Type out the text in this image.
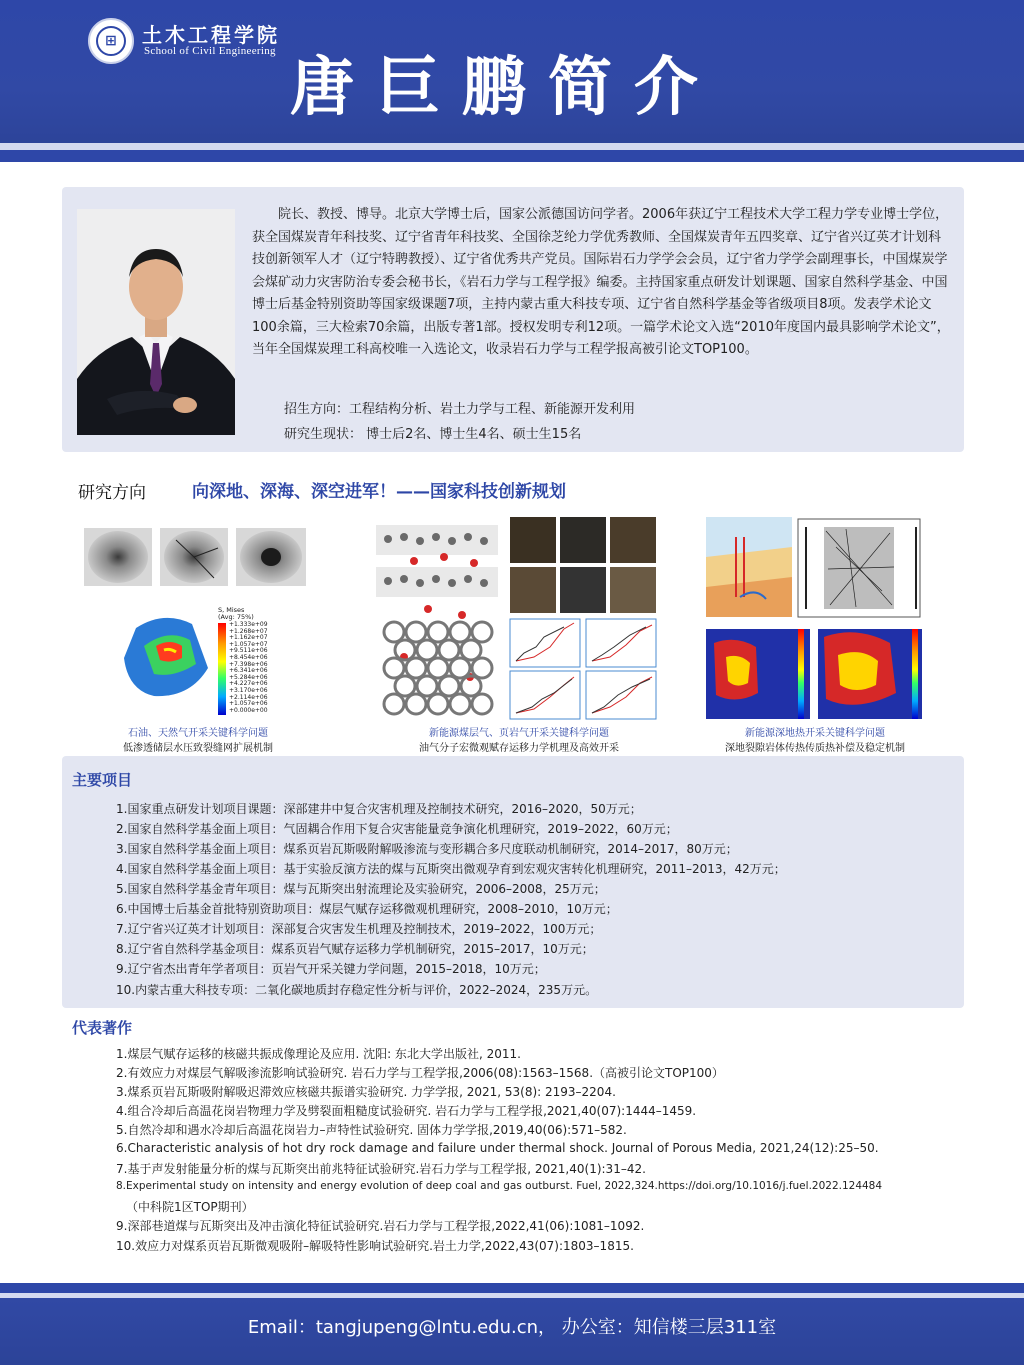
⊞	土木工程学院
School of Civil Engineering 唐巨鹏简介
院长、教授、博导。北京大学博士后，国家公派德国访问学者。2006年获辽宁工程技术大学工程力学专业博士学位，获全国煤炭青年科技奖、辽宁省青年科技奖、全国徐芝纶力学优秀教师、全国煤炭青年五四奖章、辽宁省兴辽英才计划科技创新领军人才（辽宁特聘教授）、辽宁省优秀共产党员。国际岩石力学学会会员，辽宁省力学学会副理事长，中国煤炭学会煤矿动力灾害防治专委会秘书长，《岩石力学与工程学报》编委。主持国家重点研发计划课题、国家自然科学基金、中国博士后基金特别资助等国家级课题7项，主持内蒙古重大科技专项、辽宁省自然科学基金等省级项目8项。发表学术论文100余篇，三大检索70余篇，出版专著1部。授权发明专利12项。一篇学术论文入选“2010年度国内最具影响学术论文”，当年全国煤炭理工科高校唯一入选论文，收录岩石力学与工程学报高被引论文TOP100。
招生方向：工程结构分析、岩土力学与工程、新能源开发利用
研究生现状： 博士后2名、博士生4名、硕士生15名
研究方向	向深地、深海、深空进军！——国家科技创新规划
S, Mises
(Avg: 75%)
+1.333e+09
+1.268e+07
+1.162e+07
+1.057e+07
+9.511e+06
+8.454e+06
+7.398e+06
+6.341e+06
+5.284e+06
+4.227e+06
+3.170e+06
+2.114e+06
+1.057e+06
+0.000e+00
石油、天然气开采关键科学问题
低渗透储层水压致裂缝网扩展机制
新能源煤层气、页岩气开采关键科学问题
油气分子宏微观赋存运移力学机理及高效开采
新能源深地热开采关键科学问题
深地裂隙岩体传热传质热补偿及稳定机制
主要项目
1.国家重点研发计划项目课题：深部建井中复合灾害机理及控制技术研究，2016–2020，50万元；
2.国家自然科学基金面上项目：气固耦合作用下复合灾害能量竞争演化机理研究，2019–2022，60万元；
3.国家自然科学基金面上项目：煤系页岩瓦斯吸附解吸渗流与变形耦合多尺度联动机制研究，2014–2017，80万元；
4.国家自然科学基金面上项目：基于实验反演方法的煤与瓦斯突出微观孕育到宏观灾害转化机理研究，2011–2013，42万元；
5.国家自然科学基金青年项目：煤与瓦斯突出射流理论及实验研究，2006–2008，25万元；
6.中国博士后基金首批特别资助项目：煤层气赋存运移微观机理研究，2008–2010，10万元；
7.辽宁省兴辽英才计划项目：深部复合灾害发生机理及控制技术，2019–2022，100万元；
8.辽宁省自然科学基金项目：煤系页岩气赋存运移力学机制研究，2015–2017，10万元；
9.辽宁省杰出青年学者项目：页岩气开采关键力学问题，2015–2018，10万元；
10.内蒙古重大科技专项：二氧化碳地质封存稳定性分析与评价，2022–2024，235万元。
代表著作
1.煤层气赋存运移的核磁共振成像理论及应用. 沈阳: 东北大学出版社, 2011.
2.有效应力对煤层气解吸渗流影响试验研究. 岩石力学与工程学报,2006(08):1563–1568.（高被引论文TOP100）
3.煤系页岩瓦斯吸附解吸迟滞效应核磁共振谱实验研究. 力学学报, 2021, 53(8): 2193–2204.
4.组合冷却后高温花岗岩物理力学及劈裂面粗糙度试验研究. 岩石力学与工程学报,2021,40(07):1444–1459.
5.自然冷却和遇水冷却后高温花岗岩力–声特性试验研究. 固体力学学报,2019,40(06):571–582.
6.Characteristic analysis of hot dry rock damage and failure under thermal shock. Journal of Porous Media, 2021,24(12):25–50.
7.基于声发射能量分析的煤与瓦斯突出前兆特征试验研究.岩石力学与工程学报, 2021,40(1):31–42.
8.Experimental study on intensity and energy evolution of deep coal and gas outburst. Fuel, 2022,324.https://doi.org/10.1016/j.fuel.2022.124484
（中科院1区TOP期刊）
9.深部巷道煤与瓦斯突出及冲击演化特征试验研究.岩石力学与工程学报,2022,41(06):1081–1092.
10.效应力对煤系页岩瓦斯微观吸附–解吸特性影响试验研究.岩土力学,2022,43(07):1803–1815.
Email：tangjupeng@lntu.edu.cn， 办公室：知信楼三层311室
